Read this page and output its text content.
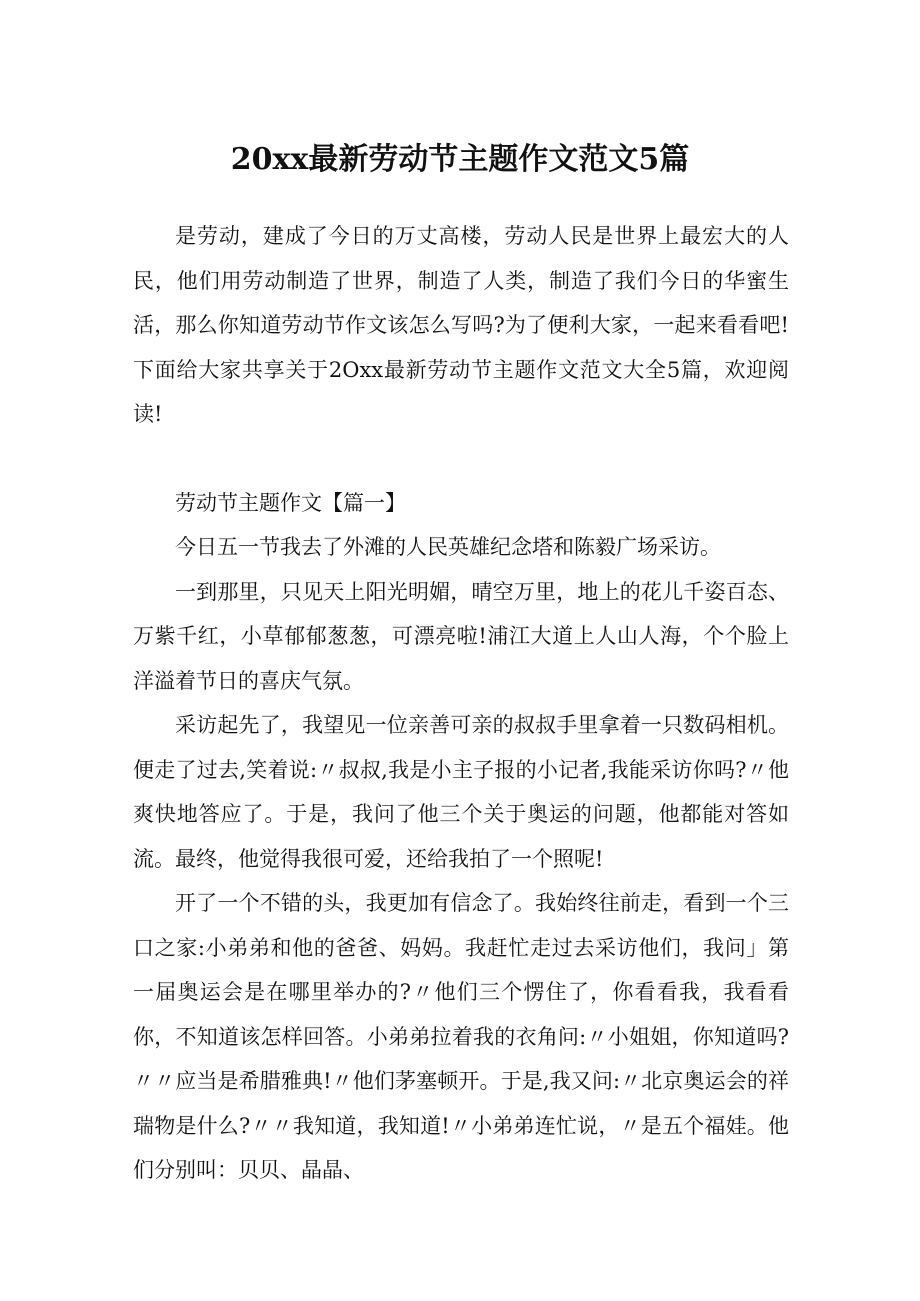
20xx最新劳动节主题作文范文5篇

是劳动，建成了今日的万丈高楼，劳动人民是世界上最宏大的人民，他们用劳动制造了世界，制造了人类，制造了我们今日的华蜜生活，那么你知道劳动节作文该怎么写吗?为了便利大家，一起来看看吧!下面给大家共享关于2Oxx最新劳动节主题作文范文大全5篇，欢迎阅读!

劳动节主题作文【篇一】

今日五一节我去了外滩的人民英雄纪念塔和陈毅广场采访。

一到那里，只见天上阳光明媚，晴空万里，地上的花儿千姿百态、万紫千红，小草郁郁葱葱，可漂亮啦!浦江大道上人山人海，个个脸上洋溢着节日的喜庆气氛。

采访起先了，我望见一位亲善可亲的叔叔手里拿着一只数码相机。便走了过去,笑着说:〃叔叔,我是小主子报的小记者,我能采访你吗?〃他爽快地答应了。于是，我问了他三个关于奥运的问题，他都能对答如流。最终，他觉得我很可爱，还给我拍了一个照呢!

开了一个不错的头，我更加有信念了。我始终往前走，看到一个三口之家:小弟弟和他的爸爸、妈妈。我赶忙走过去采访他们，我问」第一届奥运会是在哪里举办的?〃他们三个愣住了，你看看我，我看看你，不知道该怎样回答。小弟弟拉着我的衣角问:〃小姐姐，你知道吗?〃〃应当是希腊雅典!〃他们茅塞顿开。于是,我又问:〃北京奥运会的祥瑞物是什么?〃〃我知道，我知道!〃小弟弟连忙说，〃是五个福娃。他们分别叫：贝贝、晶晶、
